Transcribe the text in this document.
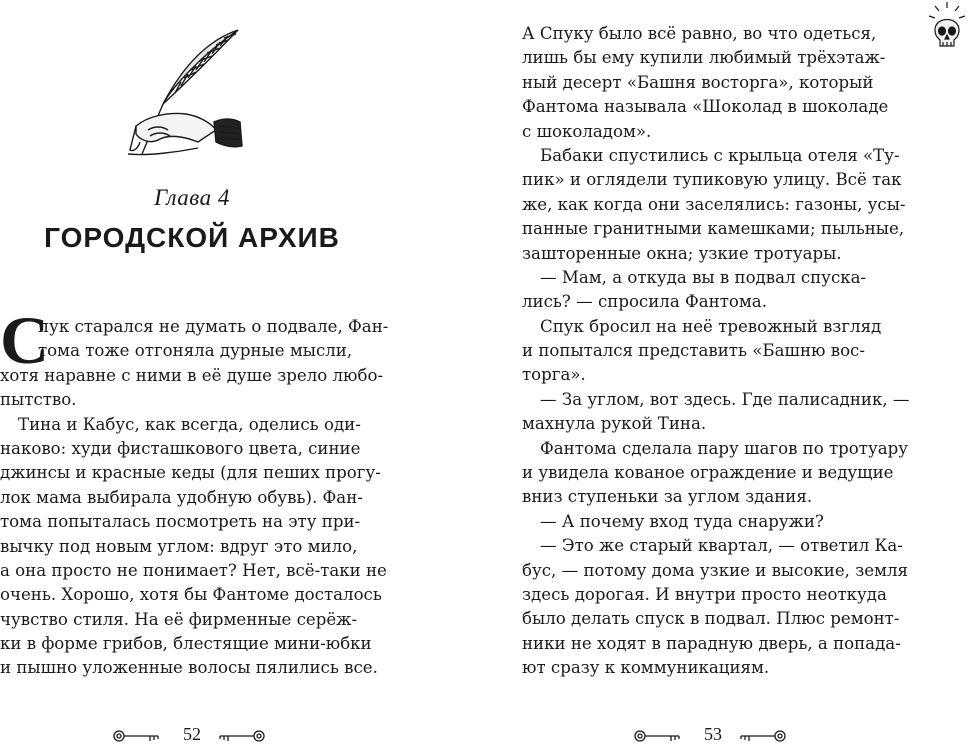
Глава 4
ГОРОДСКОЙ АРХИВ
С
пук старался не думать о подвале, Фан-
тома тоже отгоняла дурные мысли,
хотя наравне с ними в её душе зрело любо-
пытство.
Тина и Кабус, как всегда, оделись оди-
наково: худи фисташкового цвета, синие
джинсы и красные кеды (для пеших прогу-
лок мама выбирала удобную обувь). Фан-
тома попыталась посмотреть на эту при-
вычку под новым углом: вдруг это мило,
а она просто не понимает? Нет, всё-таки не
очень. Хорошо, хотя бы Фантоме досталось
чувство стиля. На её фирменные серёж-
ки в форме грибов, блестящие мини-юбки
и пышно уложенные волосы пялились все.
52
А Спуку было всё равно, во что одеться,
лишь бы ему купили любимый трёхэтаж-
ный десерт «Башня восторга», который
Фантома называла «Шоколад в шоколаде
с шоколадом».
Бабаки спустились с крыльца отеля «Ту-
пик» и оглядели тупиковую улицу. Всё так
же, как когда они заселялись: газоны, усы-
панные гранитными камешками; пыльные,
зашторенные окна; узкие тротуары.
— Мам, а откуда вы в подвал спуска-
лись? — спросила Фантома.
Спук бросил на неё тревожный взгляд
и попытался представить «Башню вос-
торга».
— За углом, вот здесь. Где палисадник, —
махнула рукой Тина.
Фантома сделала пару шагов по тротуару
и увидела кованое ограждение и ведущие
вниз ступеньки за углом здания.
— А почему вход туда снаружи?
— Это же старый квартал, — ответил Ка-
бус, — потому дома узкие и высокие, земля
здесь дорогая. И внутри просто неоткуда
было делать спуск в подвал. Плюс ремонт-
ники не ходят в парадную дверь, а попада-
ют сразу к коммуникациям.
53
